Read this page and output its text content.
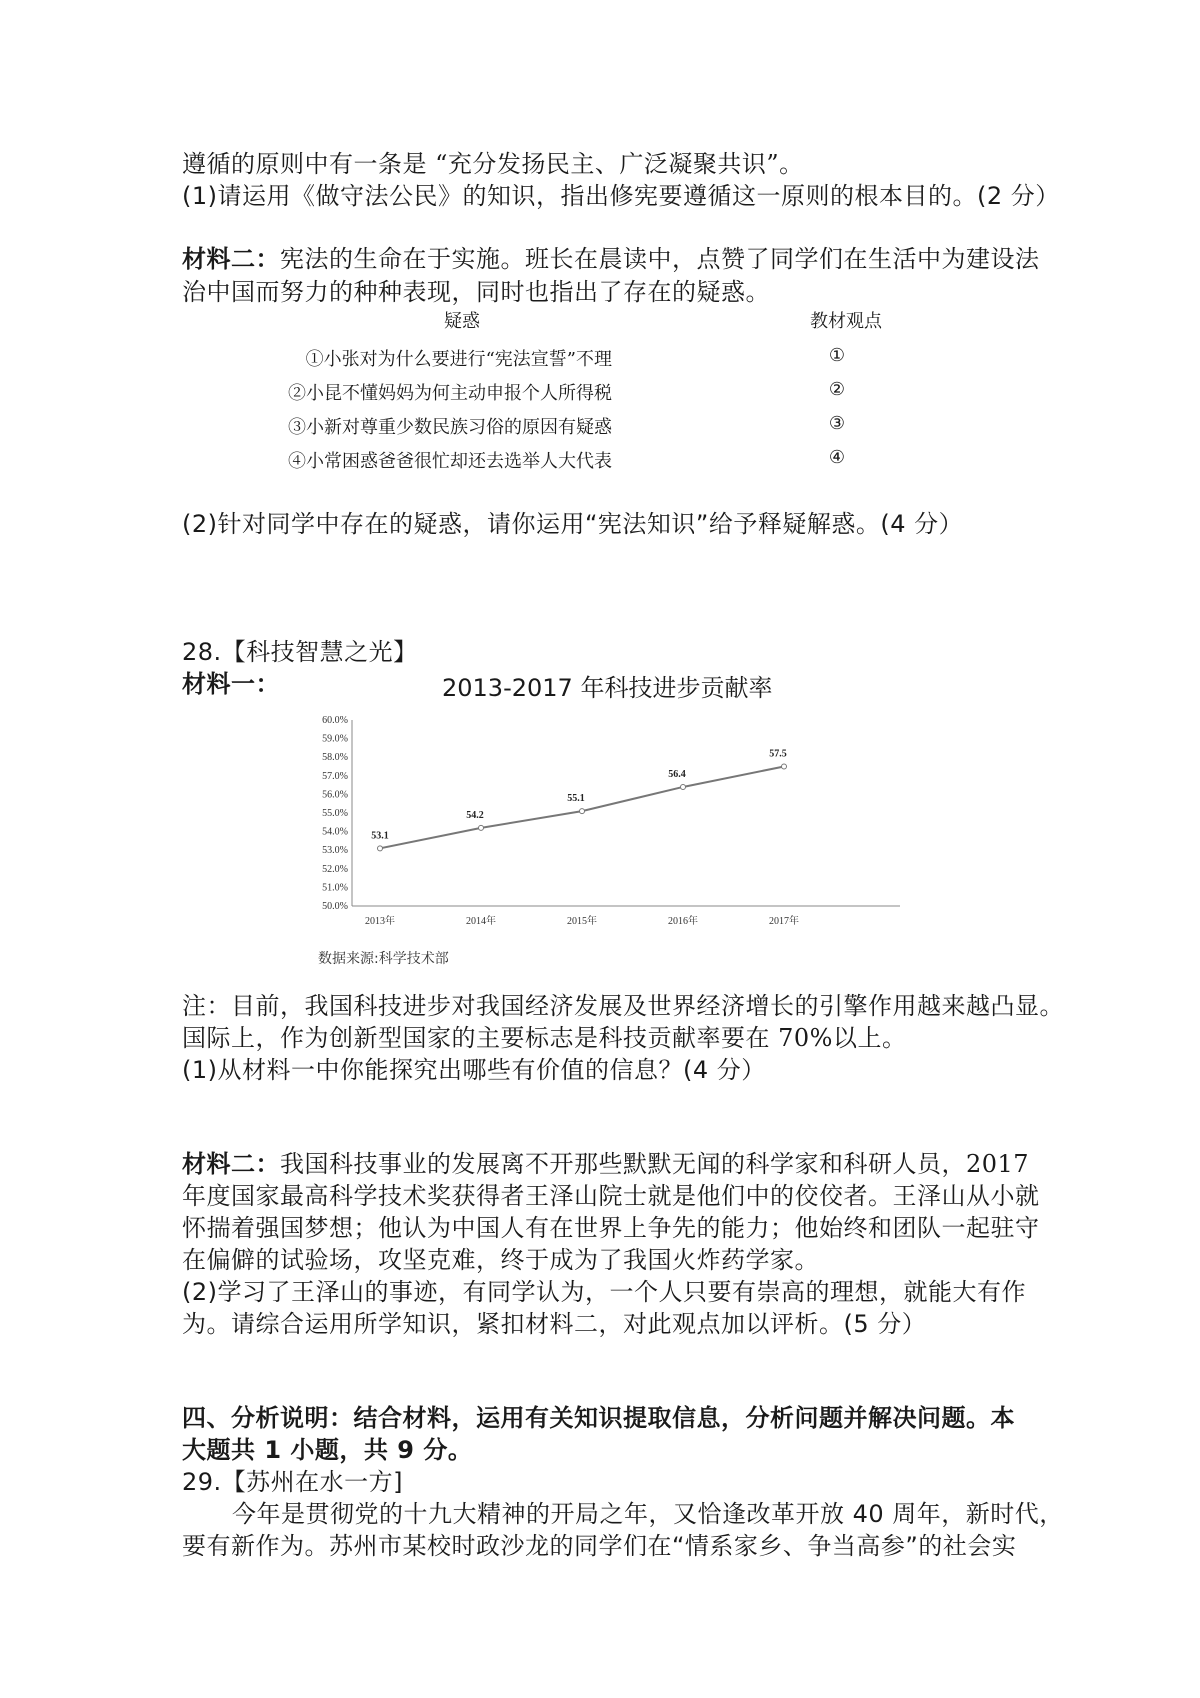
遵循的原则中有一条是 “充分发扬民主、广泛凝聚共识”。
(1)请运用《做守法公民》的知识，指出修宪要遵循这一原则的根本目的。(2 分）
材料二：宪法的生命在于实施。班长在晨读中，点赞了同学们在生活中为建设法
治中国而努力的种种表现，同时也指出了存在的疑惑。
疑惑	教材观点
①小张对为什么要进行“宪法宣誓”不理	①
②小昆不懂妈妈为何主动申报个人所得税	②
③小新对尊重少数民族习俗的原因有疑惑	③
④小常困惑爸爸很忙却还去选举人大代表	④
(2)针对同学中存在的疑惑，请你运用“宪法知识”给予释疑解惑。(4 分）
28.【科技智慧之光】
材料一：	2013-2017 年科技进步贡献率
50.0%
51.0%
52.0%
53.0%
54.0%
55.0%
56.0%
57.0%
58.0%
59.0%
60.0%
2013年	2014年	2015年	2016年	2017年
53.1
54.2
55.1
56.4
57.5
数据来源:科学技术部
注：目前，我国科技进步对我国经济发展及世界经济增长的引擎作用越来越凸显。
国际上，作为创新型国家的主要标志是科技贡献率要在 70%以上。
(1)从材料一中你能探究出哪些有价值的信息？(4 分）
材料二：我国科技事业的发展离不开那些默默无闻的科学家和科研人员，2017
年度国家最高科学技术奖获得者王泽山院士就是他们中的佼佼者。王泽山从小就
怀揣着强国梦想；他认为中国人有在世界上争先的能力；他始终和团队一起驻守
在偏僻的试验场，攻坚克难，终于成为了我国火炸药学家。
(2)学习了王泽山的事迹，有同学认为，一个人只要有崇高的理想，就能大有作
为。请综合运用所学知识，紧扣材料二，对此观点加以评析。(5 分）
四、分析说明：结合材料，运用有关知识提取信息，分析问题并解决问题。本
大题共 1 小题，共 9 分。
29.【苏州在水一方]
今年是贯彻党的十九大精神的开局之年，又恰逢改革开放 40 周年，新时代，
要有新作为。苏州市某校时政沙龙的同学们在“情系家乡、争当高参”的社会实
